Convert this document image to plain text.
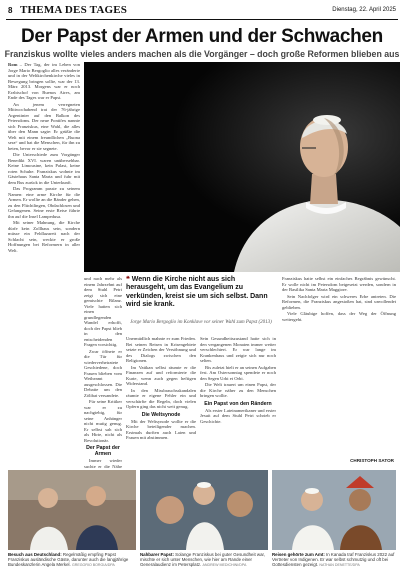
8 THEMA DES TAGES	Dienstag, 22. April 2025
Der Papst der Armen und der Schwachen
Franziskus wollte vieles anders machen als die Vorgänger – doch große Reformen blieben aus

Rom – Der Tag, der im Leben von Jorge Mario Bergoglio alles veränderte und in der Weltkirchenkirche vieles in Bewegung bringen sollte, war der 13. März 2013. Morgens war er noch Erzbischof von Buenos Aires, am Ende des Tages war er Papst.

An jenem verregneten Mittwochabend trat der 76-jährige Argentinier auf den Balkon des Petersdoms. Der neue Pontifex nannte sich Franziskus, eine Wahl, die alles über den Mann sagte: Er grüßte die Welt mit einem freundlichen „Buona sera“ und bat die Menschen, für ihn zu beten, bevor er sie segnete.

Die Unterschiede zum Vorgänger Benedikt XVI. waren unübersehbar. Keine Limousine, kein Palast, keine roten Schuhe. Franziskus wohnte im Gästehaus Santa Marta und fuhr mit dem Bus zurück in die Unterkunft.

Das Programm passte zu seinem Namen: eine arme Kirche für die Armen. Er wollte an die Ränder gehen, zu den Flüchtlingen, Obdachlosen und Gefangenen. Seine erste Reise führte ihn auf die Insel Lampedusa.

Mit seiner Mahnung, die Kirche dürfe kein Zollhaus sein, sondern müsse ein Feldlazarett nach der Schlacht sein, weckte er große Hoffnungen bei Reformern in aller Welt.

und nach mehr als einem Jahrzehnt auf dem Stuhl Petri zeigt sich eine gemischte Bilanz. Viele hatten sich einen grundlegenden Wandel erhofft, doch der Papst blieb in den entscheidenden Fragen vorsichtig.

Zwar öffnete er die Tür für wiederverheiratete Geschiedene, doch Frauen blieben vom Weiheamt ausgeschlossen. Die Debatte um den Zölibat versandete.

Für seine Kritiker war er zu nachgiebig, für seine Anhänger nicht mutig genug. Er selbst sah sich als Hirte, nicht als Revolutionär.

Der Papst der Armen

Immer wieder suchte er die Nähe

❝ Wenn die Kirche nicht aus sich herausgeht, um das Evangelium zu verkünden, kreist sie um sich selbst. Dann wird sie krank.
Jorge Mario Bergoglio im Konklave vor seiner Wahl zum Papst (2013)

Unermüdlich mahnte er zum Frieden. Bei seinen Reisen in Krisengebiete setzte er Zeichen der Versöhnung und des Dialogs zwischen den Religionen.

Im Vatikan selbst räumte er die Finanzen auf und reformierte die Kurie, wenn auch gegen heftigen Widerstand.

In den Missbrauchsskandalen räumte er eigene Fehler ein und verschärfte die Regeln, doch vielen Opfern ging das nicht weit genug.

Die Weltsynode

Mit der Weltsynode wollte er die Kirche beteiligender machen. Erstmals durften auch Laien und Frauen mit abstimmen.

Sein Gesundheitszustand hatte sich in den vergangenen Monaten immer weiter verschlechtert. Er war lange im Krankenhaus und zeigte sich nur noch selten.

Bis zuletzt hielt er an seinen Aufgaben fest. Am Ostersonntag spendete er noch den Segen Urbi et Orbi.

Die Welt trauert um einen Papst, der die Kirche näher zu den Menschen bringen wollte.

Ein Papst von den Rändern

Als erster Lateinamerikaner und erster Jesuit auf dem Stuhl Petri schrieb er Geschichte.

Franziskus hatte selbst ein einfaches Begräbnis gewünscht. Er wolle nicht im Petersdom beigesetzt werden, sondern in der Basilika Santa Maria Maggiore.

Sein Nachfolger wird ein schweres Erbe antreten. Die Reformen, die Franziskus angestoßen hat, sind unvollendet geblieben.

Viele Gläubige hoffen, dass der Weg der Öffnung weitergeht.

CHRISTOPH SATOR
Besuch aus Deutschland: Regelmäßig empfing Papst Franziskus ausländische Gäste, darunter auch die langjährige Bundeskanzlerin Angela Merkel. GREGORIO BORGIA/DPA
Nahbarer Papst: Solange Franziskus bei guter Gesundheit war, mischte er sich unter Menschen, wie hier am Rande einer Generalaudienz im Petersplatz. ANDREW MEDICHINI/DPA
Reisen gehörte zum Amt: In Kanada traf Franziskus 2022 auf Vertreter von Indigenen. Er war selbst schmutzig und oft bei Gottesdiensten gezeigt. NATHAN DENETTE/DPA
